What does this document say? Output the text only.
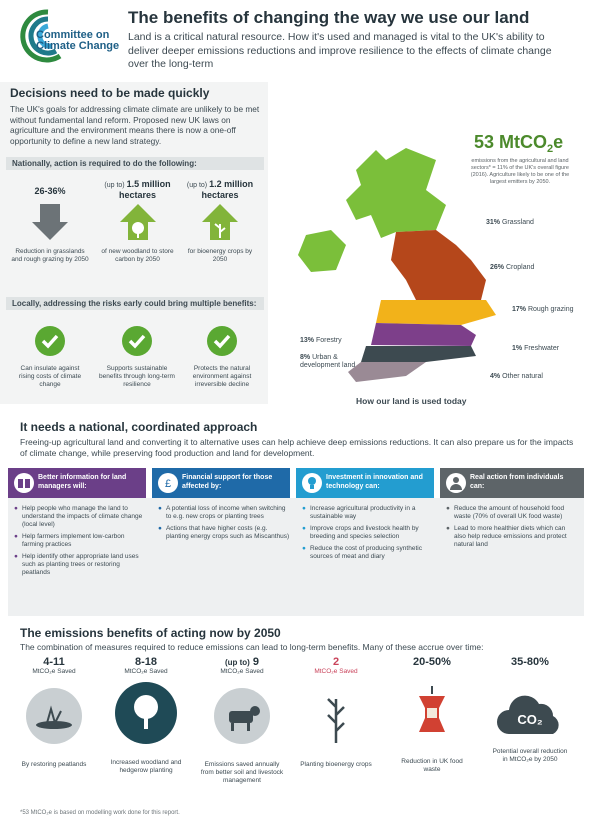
Committee on
Climate Change
The benefits of changing the way we use our land
Land is a critical natural resource. How it's used and managed is vital to the UK's ability to deliver deeper emissions reductions and improve resilience to the effects of climate change over the long-term
Decisions need to be made quickly
The UK's goals for addressing climate climate are unlikely to be met without fundamental land reform. Proposed new UK laws on agriculture and the environment means there is now a one-off opportunity to define a new land strategy.
Nationally, action is required to do the following:
26-36%
Reduction in grasslands and rough grazing by 2050
(up to) 1.5 million
hectares
of new woodland to store carbon by 2050
(up to) 1.2 million
hectares
for bioenergy crops by 2050
Locally, addressing the risks early could bring multiple benefits:
Can insulate against rising costs of climate change
Supports sustainable benefits through long-term resilience
Protects the natural environment against irreversible decline
53 MtCO$_2$e
emissions from the agricultural and land sectors* = 11% of the UK's overall figure (2016). Agriculture likely to be one of the largest emitters by 2050.
How our land is used today
31% Grassland
26% Cropland
17% Rough grazing
13% Forestry
1% Freshwater
8% Urban & development land
4% Other natural
It needs a national, coordinated approach
Freeing-up agricultural land and converting it to alternative uses can help achieve deep emissions reductions. It can also prepare us for the impacts of climate change, while preserving food production and land for development.
Better information for land managers will:	£
Financial support for those affected by:
Investment in innovation and technology can:
Real action from individuals can:
● Help people who manage the land to understand the impacts of climate change (local level)
● Help farmers implement low-carbon farming practices
● Help identify other appropriate land uses such as planting trees or restoring peatlands
● A potential loss of income when switching to e.g. new crops or planting trees
● Actions that have higher costs (e.g. planting energy crops such as Miscanthus)
● Increase agricultural productivity in a sustainable way
● Improve crops and livestock health by breeding and species selection
● Reduce the cost of producing synthetic sources of meat and diary
● Reduce the amount of household food waste (70% of overall UK food waste)
● Lead to more healthier diets which can also help reduce emissions and protect natural land
The emissions benefits of acting now by 2050
The combination of measures required to reduce emissions can lead to long-term benefits. Many of these accrue over time:
4-11
MtCO₂e Saved
By restoring peatlands
8-18
MtCO₂e Saved
Increased woodland and hedgerow planting
(up to) 9
MtCO₂e Saved
Emissions saved annually from better soil and livestock management
2
MtCO₂e Saved
Planting bioenergy crops
20-50%
Reduction in UK food waste
35-80%
CO₂
Potential overall reduction in MtCO₂e by 2050
*53 MtCO₂e is based on modelling work done for this report.
